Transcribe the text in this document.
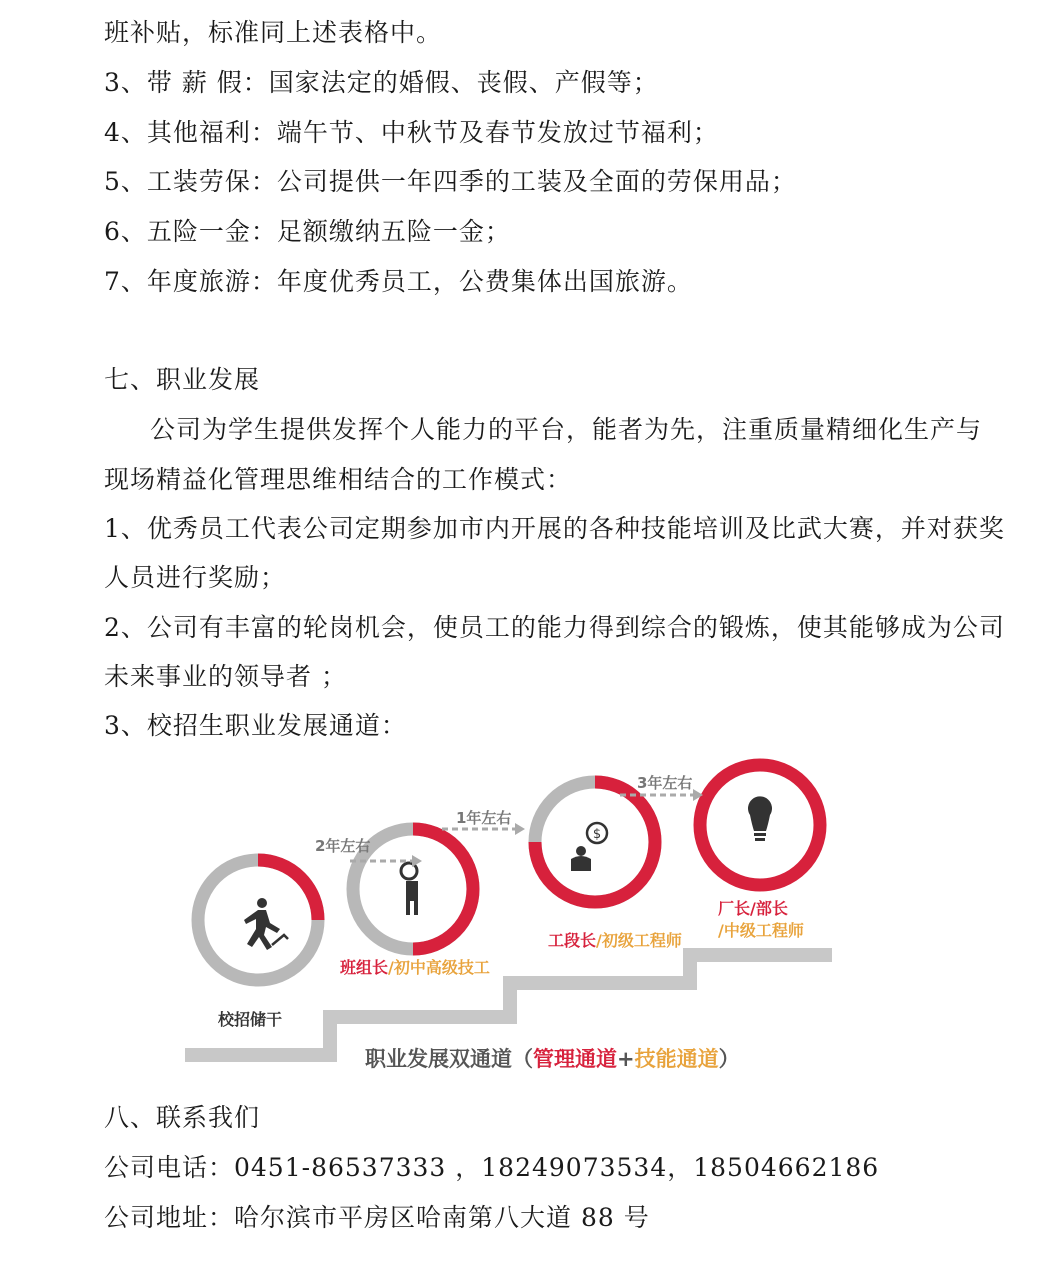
班补贴，标准同上述表格中。
3、带 薪 假：国家法定的婚假、丧假、产假等；
4、其他福利：端午节、中秋节及春节发放过节福利；
5、工装劳保：公司提供一年四季的工装及全面的劳保用品；
6、五险一金：足额缴纳五险一金；
7、年度旅游：年度优秀员工，公费集体出国旅游。
七、职业发展
公司为学生提供发挥个人能力的平台，能者为先，注重质量精细化生产与
现场精益化管理思维相结合的工作模式：
1、优秀员工代表公司定期参加市内开展的各种技能培训及比武大赛，并对获奖
人员进行奖励；
2、公司有丰富的轮岗机会，使员工的能力得到综合的锻炼，使其能够成为公司
未来事业的领导者 ；
3、校招生职业发展通道：
$
2年左右
1年左右
3年左右
校招储干
班组长/初中高级技工
工段长/初级工程师
厂长/部长
/中级工程师
职业发展双通道（管理通道+技能通道）
八、联系我们
公司电话：0451-86537333 ，18249073534，18504662186
公司地址：哈尔滨市平房区哈南第八大道 88 号
